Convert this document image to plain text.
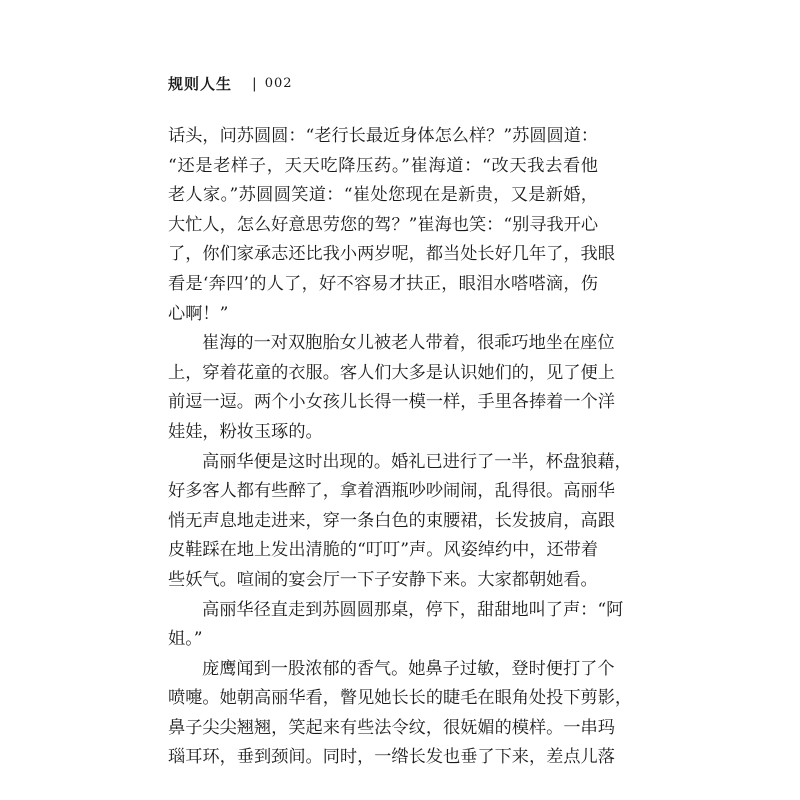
规则人生 | 002
话头，问苏圆圆：“老行长最近身体怎么样？”苏圆圆道：
“还是老样子，天天吃降压药。”崔海道：“改天我去看他
老人家。”苏圆圆笑道：“崔处您现在是新贵，又是新婚，
大忙人，怎么好意思劳您的驾？”崔海也笑：“别寻我开心
了，你们家承志还比我小两岁呢，都当处长好几年了，我眼
看是‘奔四’的人了，好不容易才扶正，眼泪水嗒嗒滴，伤
心啊！”
崔海的一对双胞胎女儿被老人带着，很乖巧地坐在座位
上，穿着花童的衣服。客人们大多是认识她们的，见了便上
前逗一逗。两个小女孩儿长得一模一样，手里各捧着一个洋
娃娃，粉妆玉琢的。
高丽华便是这时出现的。婚礼已进行了一半，杯盘狼藉，
好多客人都有些醉了，拿着酒瓶吵吵闹闹，乱得很。高丽华
悄无声息地走进来，穿一条白色的束腰裙，长发披肩，高跟
皮鞋踩在地上发出清脆的“叮叮”声。风姿绰约中，还带着
些妖气。喧闹的宴会厅一下子安静下来。大家都朝她看。
高丽华径直走到苏圆圆那桌，停下，甜甜地叫了声：“阿
姐。”
庞鹰闻到一股浓郁的香气。她鼻子过敏，登时便打了个
喷嚏。她朝高丽华看，瞥见她长长的睫毛在眼角处投下剪影，
鼻子尖尖翘翘，笑起来有些法令纹，很妩媚的模样。一串玛
瑙耳环，垂到颈间。同时，一绺长发也垂了下来，差点儿落
